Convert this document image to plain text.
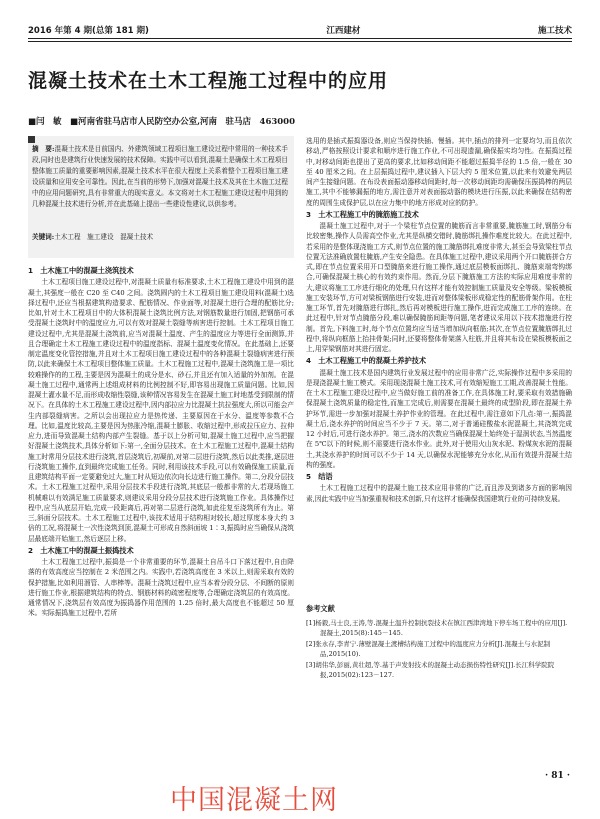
2016 年第 4 期(总第 181 期)	江西建材	施工技术
混凝土技术在土木工程施工过程中的应用
■闫　敏　■河南省驻马店市人民防空办公室,河南　驻马店　463000

摘　要:混凝土技术是目前国内、外建筑领域工程项目施工建设过程中常用的一种技术手段,同时也是建筑行业快速发展的技术保障。实践中可以看到,混凝土是确保土木工程项目整体施工质量的重要影响因素,混凝土技术水平在很大程度上关系着整个工程项目施工建设质量和应用安全可靠性。因此,在当前的形势下,加强对混凝土技术及其在土木施工过程中的应用问题研究,具有非常重大的现实意义。本文将对土木工程施工建设过程中用到的几种混凝土技术进行分析,并在此基础上提出一些建设性建议,以供参考。

关键词:土木工程　施工建设　混凝土技术

1　土木施工中的混凝土浇筑技术

土木工程项目施工建设过程中,对混凝土质量有标准要求,土木工程施工建设中用到的混凝土,其强度一般在 C20 至 C40 之间。浇筑圆内的土木工程项目施工建设用料(混凝土)选择过程中,还应当根据建筑构造要求、配筋情况、作业面等,对混凝土进行合理的配筋比分;比如,针对土木工程项目中的大体积混凝土浇筑比例方法,对钢筋数量进行加固,把钢筋可承受混凝土浇筑时中的温度应力,可以有效对混凝土裂缝等病害进行控制。土木工程项目施工建设过程中,尤其是混凝土浇筑前,应当对混凝土温度、产生的温度应力等进行全面测算,并且合理确定土木工程施工建设过程中的温度指标、混凝土温度变化情况。在此基础上,还要制定温度变化管控措施,并且对土木工程项目施工建设过程中的各种混凝土裂缝病害进行预防,以此来确保土木工程项目整体施工质量。土木工程施工过程中,混凝土浇筑施工是一项比较难操作的的工程,主要是因为混凝土的成分是水、砂石,并且还有加入适量的外加剂。在混凝土施工过程中,通常两上述组成材料的比例控制不好,即容易出现施工质量问题。比如,因混凝土灌水量不足,而形成收缩性裂缝,该种情况容易发生在混凝土施工时地基受到限制的情况下。在具体的土木工程施工建设过程中,因内部拉应力比混凝土抗拉强度大,所以可能会产生内部裂缝病害。之所以会出现拉应力是热传递、主要原因在于水分、温度等参数不合理。比如,温度比较高,主要是因为热胀冷缩,混凝土膨胀、收缩过程中,形成拉压应力、拉伸应力,进而导致混凝土结构内部产生裂缝。基于以上分析可知,混凝土施工过程中,应当把握好混凝土浇筑技术,具体分析如下:第一,全面分层技术。在土木工程施工过程中,混凝土结构施工时常用分层技术进行浇筑,首层浇筑后,初凝前,对第二层进行浇筑,然后以此类推,逐层进行浇筑施工操作,直到最终完成施工任务。同时,利用该技术手段,可以有效确保施工质量,而且建筑结构平面一定要避免过大,施工时从短边依次向长边进行施工操作。第二,分段分层技术。土木工程施工过程中,采用分层技术手段进行浇筑,其底层一般都非常的大,若现场施工机械难以有效满足施工质量要求,则建议采用分段分层技术进行浇筑施工作业。具体操作过程中,应当从底层开始,完成一段距离后,再对第二层进行浇筑,如此往复至浇筑所有为止。第三,斜面分层技术。土木工程施工过程中,该技术适用于结构相对较长,超过厚度本身大约 3 倍的工况,将混凝土一次性浇筑到顶,混凝土可形成自然斜面坡 1∶3,振捣时应当确保从浇筑层最底端开始施工,然后逐层上移。

2　土木施工中的混凝土振捣技术

土木工程施工过程中,振捣是一个非常重要的环节,混凝土自吊斗口下落过程中,自由降落的有效高度应当控制在 2 米范围之内。实践中,若浇筑高度在 3 米以上,则需采取有效的保护措施,比如利用溜管、人串棒等。混凝土浇筑过程中,应当本着分段分层、不间断的原则进行施工作业,根据建筑结构的特点、钢筋材料的疏密程度等,合理确定浇筑层的有效高度。通常情况下,浇筑层有效高度为振捣器作用范围的 1.25 倍时,最大高度也不能超过 50 厘米。实际振捣施工过程中,若所

选用的是插式振捣器设备,则应当保持快插、慢插。其中,插点的排列一定要均匀,而且依次移动,严格按照设计要求和顺序进行施工作业,不可出现遗漏,确保振实均匀性。在振捣过程中,对移动间距也提出了更高的要求,比如移动间距不能超过振捣半径的 1.5 倍,一般在 30 至 40 厘米之间。在上层振捣过程中,建议插入下层大约 5 厘米位置,以此来有效避免两层间产生接缝问题。在布设表面振动器移动间距时,每一次移动间距均需确保压振捣棒的两层施工,其中不能够漏振的地方,需注意并对表面振动器的模块进行压振,以此来确保在结构密度的周围生成保护层,以在应力集中的地方形成对应的防护。

3　土木工程施工中的腌筋施工技术

混凝土施工过程中,对于一个梁柱节点位置的腌筋而言非常重要,腌筋施工时,钢筋分布比较密集,操作人员需高空作业,尤其是纵横交错时,腌筋绑扎操作难度比较大。在此过程中,若采用的是整体现浇施工方式,则节点位置的施工腌筋绑扎难度非常大,甚至会导致梁柱节点位置无法准确放置柱腌筋,产生安全隐患。在具体施工过程中,建议采用两个开口腌筋拼合方式,即在节点位置采用开口型腌筋来进行施工操作,通过底层模板面绑扎、腌筋束端弯钩绑合,可确保混凝土核心的有效约束作用。然而,分层下腌筋施工方法的实际应用难度非常的大,建议将施工工序进行细化的处理,只有这样才能有效控制施工质量及安全等级。梁板模板施工安装环节,方可对梁板钢筋进行安装,进而对整体梁板形成稳定性的配筋骨架作用。在柱施工环节,首先对腌筋进行绑扎,然后再对模板进行施工操作,进而完成施工工序的连续。在此过程中,针对节点腌筋分段,难以确保腌筋间距等问题,笔者建议采用以下技术措施进行控制。首先,下料施工时,每个节点位置均应当适当增加纵向框筋;其次,在节点位置腌筋绑扎过程中,将纵向框筋上抬挂骨架;同时,还要将整体骨架落入柱筋,并且将其布设在梁板模板面之上,用穿梁钢筋对其进行固定。

4　土木工程施工中的混凝土养护技术

混凝土施工技术是国内建筑行业发展过程中的应用非常广泛,实际操作过程中多采用的是现浇混凝土施工模式。采用现浇混凝土施工技术,可有效缩短施工工期,改善混凝土性能。在土木工程施工建设过程中,应当做好施工前的准备工作,在具体施工时,要采取有效措施确保混凝土浇筑质量的稳定性,而施工完成后,则需要在混凝土最终的成型阶段,即在混凝土养护环节,需进一步加强对混凝土养护作业的管理。在此过程中,需注意如下几点:第一,振捣混凝土后,浇水养护的时间应当不少于 7 天。第二,对于普通硅酸盐水泥混凝土,其浇筑完成 12 小时后,可进行浇水养护。第三,浇水的次数应当确保混凝土始终处于湿润状态,当然温度在 5℃以下的时候,则不需要进行浇水作业。此外,对于使用火山灰水泥、粉煤灰水泥的混凝土,其浇水养护的时间可以不少于 14 天,以确保水泥能够充分水化,从而有效提升混凝土结构的强度。

5　结语

土木工程施工过程中的混凝土施工技术应用非常的广泛,而且涉及到诸多方面的影响因素,因此实践中应当加强重视和技术创新,只有这样才能确保我国建筑行业的可持续发展。

参考文献
[1]杨毅,马士良,王涛,等.混凝土温升控制抗裂技术在镇江西津湾地下停车场工程中的应用[J].混凝土,2015(8):145－145.
[2]张永存,李青宁.薄壁混凝土渡槽结构施工过程中的温度应力分析[J].混凝土与水泥制品,2015(10).
[3]胡伟华,彭丽,黄壮超,等.基于声发射技术的混凝土动态损伤特性研究[J].长江科学院院报,2015(02):123－127.
· 81 ·
中国混凝土网
